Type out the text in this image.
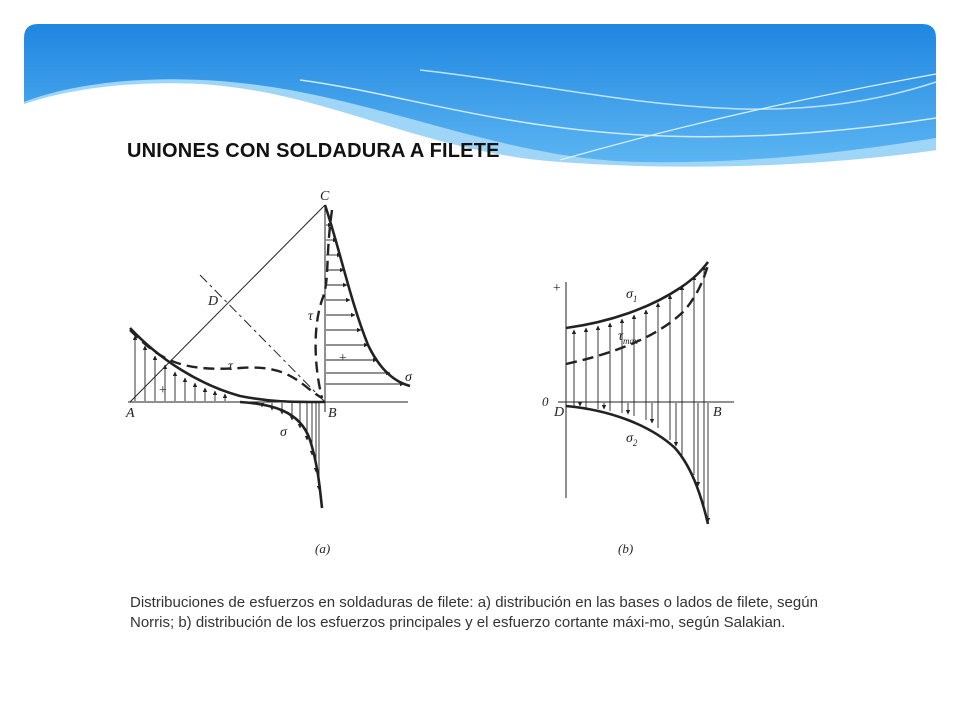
UNIONES CON SOLDADURA A FILETE
A	B
C
D
τ
τ
σ
σ
+
+
(a)
+
0
D	B
$\sigma_1$
$\tau_{max}$
$\sigma_2$
(b)
Distribuciones de esfuerzos en soldaduras de filete: a) distribución en las bases o lados de filete, según Norris; b) distribución de los esfuerzos principales y el esfuerzo cortante máxi-mo, según Salakian.
